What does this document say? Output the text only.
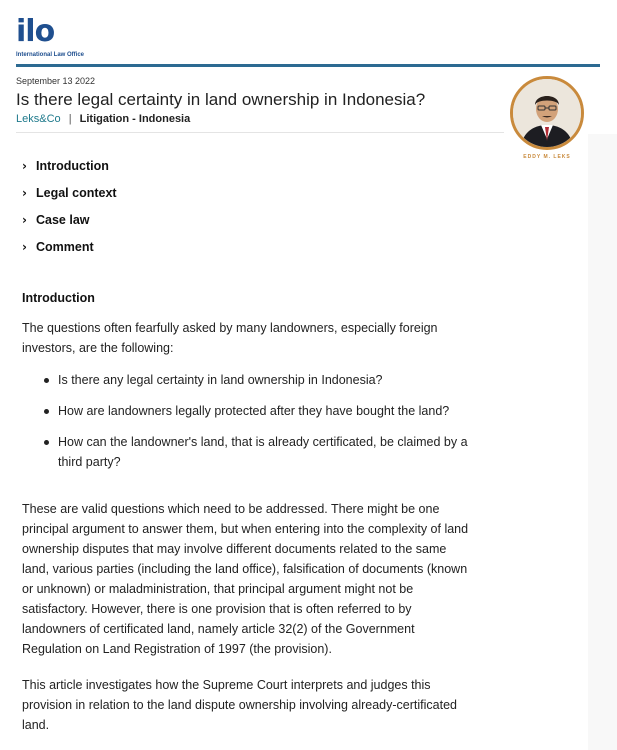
ilo
International Law Office
September 13 2022
Is there legal certainty in land ownership in Indonesia?
Leks&Co | Litigation - Indonesia
EDDY M. LEKS
› Introduction
› Legal context
› Case law
› Comment
Introduction

The questions often fearfully asked by many landowners, especially foreign investors, are the following:

Is there any legal certainty in land ownership in Indonesia?
How are landowners legally protected after they have bought the land?
How can the landowner's land, that is already certificated, be claimed by a third party?

These are valid questions which need to be addressed. There might be one principal argument to answer them, but when entering into the complexity of land ownership disputes that may involve different documents related to the same land, various parties (including the land office), falsification of documents (known or unknown) or maladministration, that principal argument might not be satisfactory. However, there is one provision that is often referred to by landowners of certificated land, namely article 32(2) of the Government Regulation on Land Registration of 1997 (the provision).

This article investigates how the Supreme Court interprets and judges this provision in relation to the land dispute ownership involving already-certificated land.
